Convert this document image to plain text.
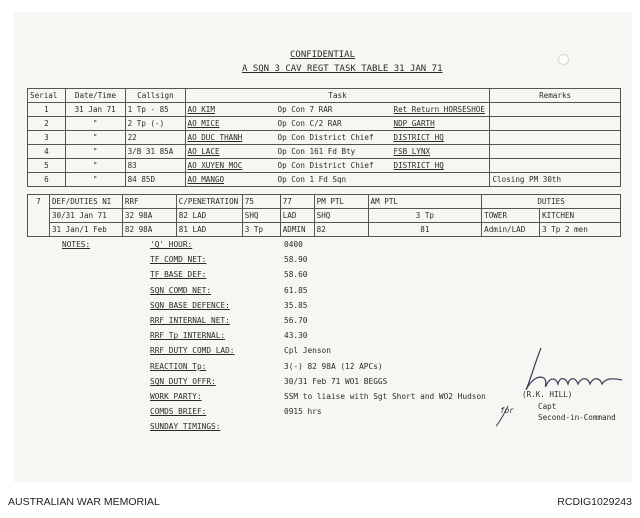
CONFIDENTIAL
A SQN 3 CAV REGT TASK TABLE 31 JAN 71
Serial	Date/Time	Callsign	Task	Remarks
1	31 Jan 71	1 Tp - 85	AO KIM Op Con 7 RAR Ret Return HORSESHOE	
2	"	2 Tp (-)	AO MICE Op Con C/2 RAR NDP GARTH	
3	"	22	AO DUC THANH Op Con District Chief DISTRICT HQ	
4	"	3/B 31 85A	AO LACE Op Con 161 Fd Bty FSB LYNX	
5	"	83	AO XUYEN MOC Op Con District Chief DISTRICT HQ	
6	"	84 85D	AO MANGO Op Con 1 Fd Sqn	Closing PM 30th
7	DEF/DUTIES NI	RRF	C/PENETRATION	75	77	PM PTL	AM PTL	DUTIES	
	30/31 Jan 71	32 98A	82 LAD	SHQ	LAD	SHQ	3 Tp	TOWER	KITCHEN
	31 Jan/1 Feb	82 98A	81 LAD	3 Tp	ADMIN	82	81	Admin/LAD	3 Tp 2 men
NOTES:	'Q' HOUR:	0400
TF COMD NET:	58.90
TF BASE DEF:	58.60
SQN COMD NET:	61.85
SQN BASE DEFENCE:	35.85
RRF INTERNAL NET:	56.70
RRF Tp INTERNAL:	43.30
RRF DUTY COMD LAD:	Cpl Jenson
REACTION Tp:	3(-) 82 98A (12 APCs)
SQN DUTY OFFR:	30/31 Feb 71 WO1 BEGGS
WORK PARTY:	SSM to liaise with Sgt Short and WO2 Hudson
COMDS BRIEF:	0915 hrs
SUNDAY TIMINGS:
for
(R.K. HILL)
Capt
Second-in-Command
AUSTRALIAN WAR MEMORIAL	RCDIG1029243
